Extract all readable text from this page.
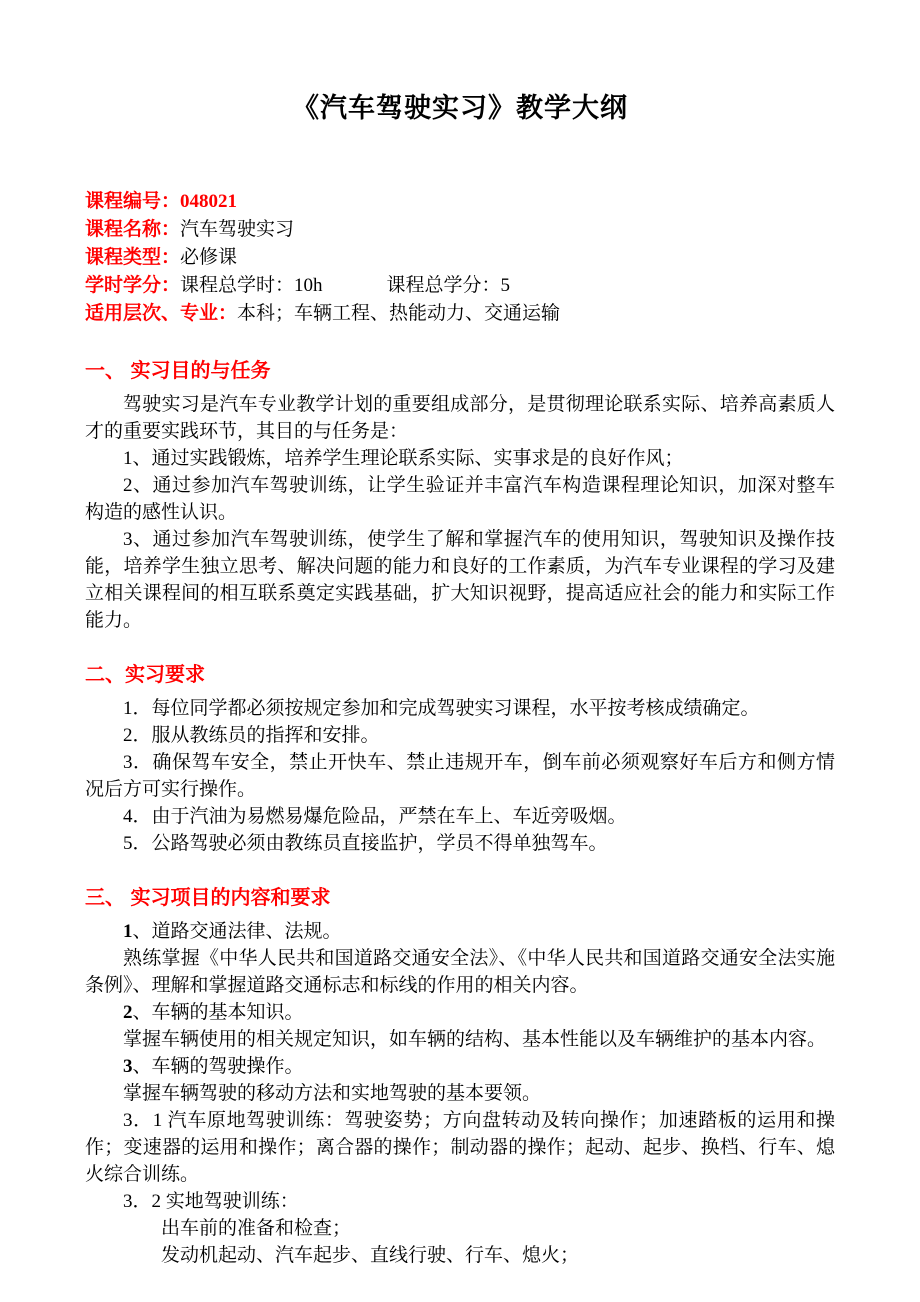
《汽车驾驶实习》教学大纲

课程编号：048021

课程名称：汽车驾驶实习

课程类型：必修课

学时学分：课程总学时：10h	课程总学分：5

适用层次、专业：本科；车辆工程、热能动力、交通运输

一、 实习目的与任务

驾驶实习是汽车专业教学计划的重要组成部分，是贯彻理论联系实际、培养高素质人才的重要实践环节，其目的与任务是：

1、通过实践锻炼，培养学生理论联系实际、实事求是的良好作风；

2、通过参加汽车驾驶训练，让学生验证并丰富汽车构造课程理论知识，加深对整车构造的感性认识。

3、通过参加汽车驾驶训练，使学生了解和掌握汽车的使用知识，驾驶知识及操作技能，培养学生独立思考、解决问题的能力和良好的工作素质，为汽车专业课程的学习及建立相关课程间的相互联系奠定实践基础，扩大知识视野，提高适应社会的能力和实际工作能力。

二、实习要求

1．每位同学都必须按规定参加和完成驾驶实习课程，水平按考核成绩确定。

2．服从教练员的指挥和安排。

3．确保驾车安全，禁止开快车、禁止违规开车，倒车前必须观察好车后方和侧方情况后方可实行操作。

4．由于汽油为易燃易爆危险品，严禁在车上、车近旁吸烟。

5．公路驾驶必须由教练员直接监护，学员不得单独驾车。

三、 实习项目的内容和要求

1、道路交通法律、法规。

熟练掌握《中华人民共和国道路交通安全法》、《中华人民共和国道路交通安全法实施条例》、理解和掌握道路交通标志和标线的作用的相关内容。

2、车辆的基本知识。

掌握车辆使用的相关规定知识，如车辆的结构、基本性能以及车辆维护的基本内容。

3、车辆的驾驶操作。

掌握车辆驾驶的移动方法和实地驾驶的基本要领。

3．1 汽车原地驾驶训练：驾驶姿势；方向盘转动及转向操作；加速踏板的运用和操作；变速器的运用和操作；离合器的操作；制动器的操作；起动、起步、换档、行车、熄火综合训练。

3．2 实地驾驶训练：

出车前的准备和检查；

发动机起动、汽车起步、直线行驶、行车、熄火；
